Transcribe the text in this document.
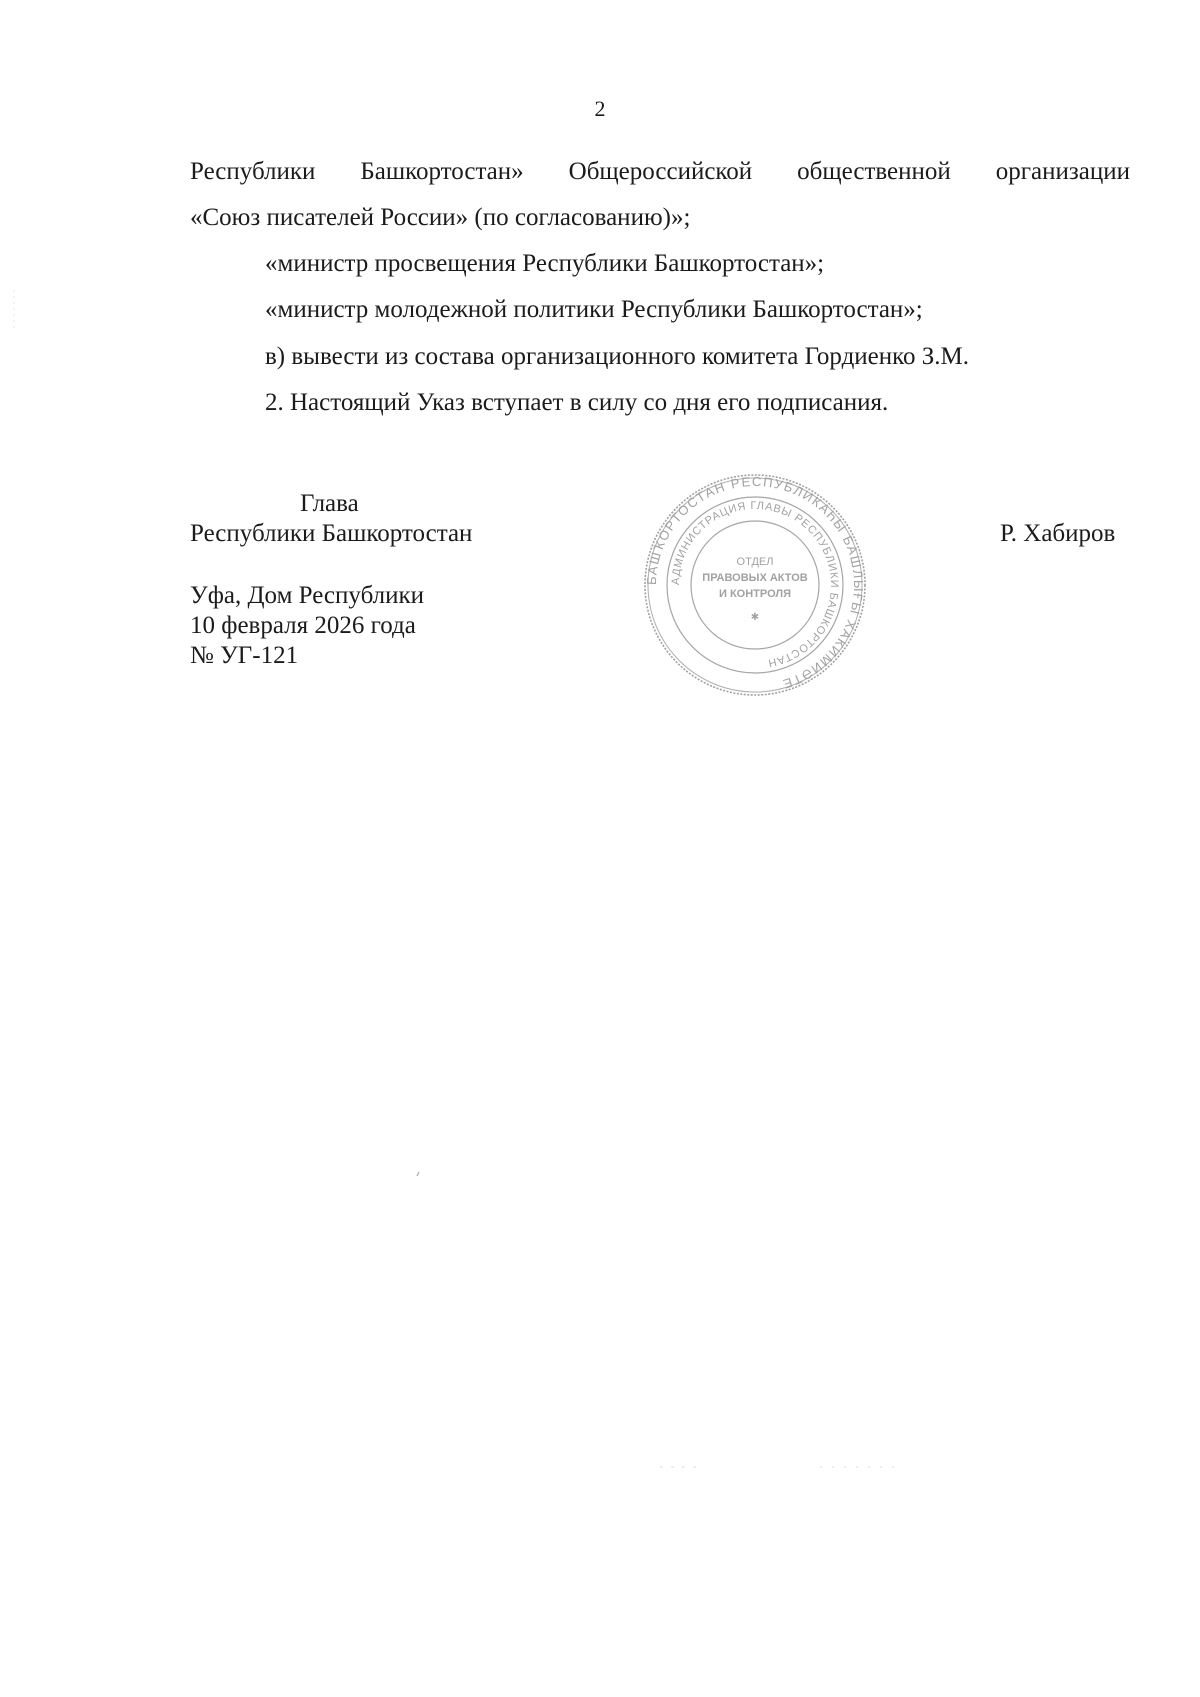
2
Республики Башкортостан» Общероссийской общественной организации
«Союз писателей России» (по согласованию)»;
«министр просвещения Республики Башкортостан»;
«министр молодежной политики Республики Башкортостан»;
в) вывести из состава организационного комитета Гордиенко З.М.
2. Настоящий Указ вступает в силу со дня его подписания.
Глава
Республики Башкортостан	Р. Хабиров
Уфа, Дом Республики
10 февраля 2026 года
№ УГ-121
БАШҠОРТОСТАН РЕСПУБЛИКАҺЫ БАШЛЫҒЫ ХАКИМИӘТЕ
АДМИНИСТРАЦИЯ ГЛАВЫ РЕСПУБЛИКИ БАШКОРТОСТАН
ОТДЕЛ
ПРАВОВЫХ АКТОВ
И КОНТРОЛЯ
✱
